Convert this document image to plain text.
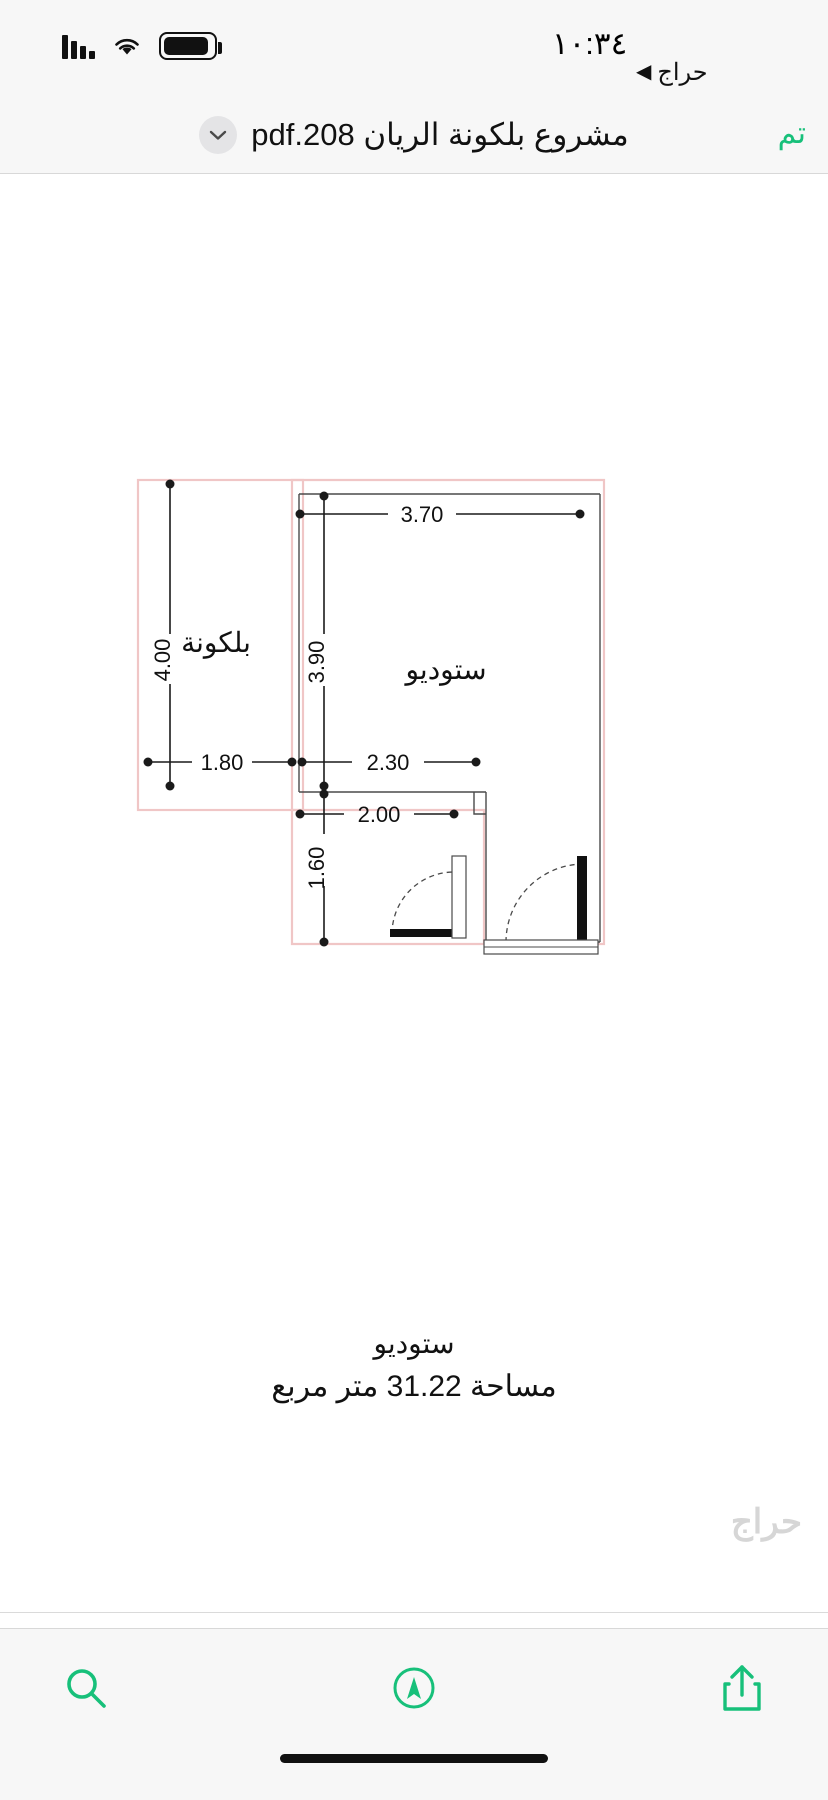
١٠:٣٤
حراج
◀
تم
مشروع بلكونة الريان 208.pdf
3.70
4.00	3.90
بلكونة
ستوديو
1.80	2.30
2.00
1.60
ستوديو
مساحة 31.22 متر مربع
حراج
